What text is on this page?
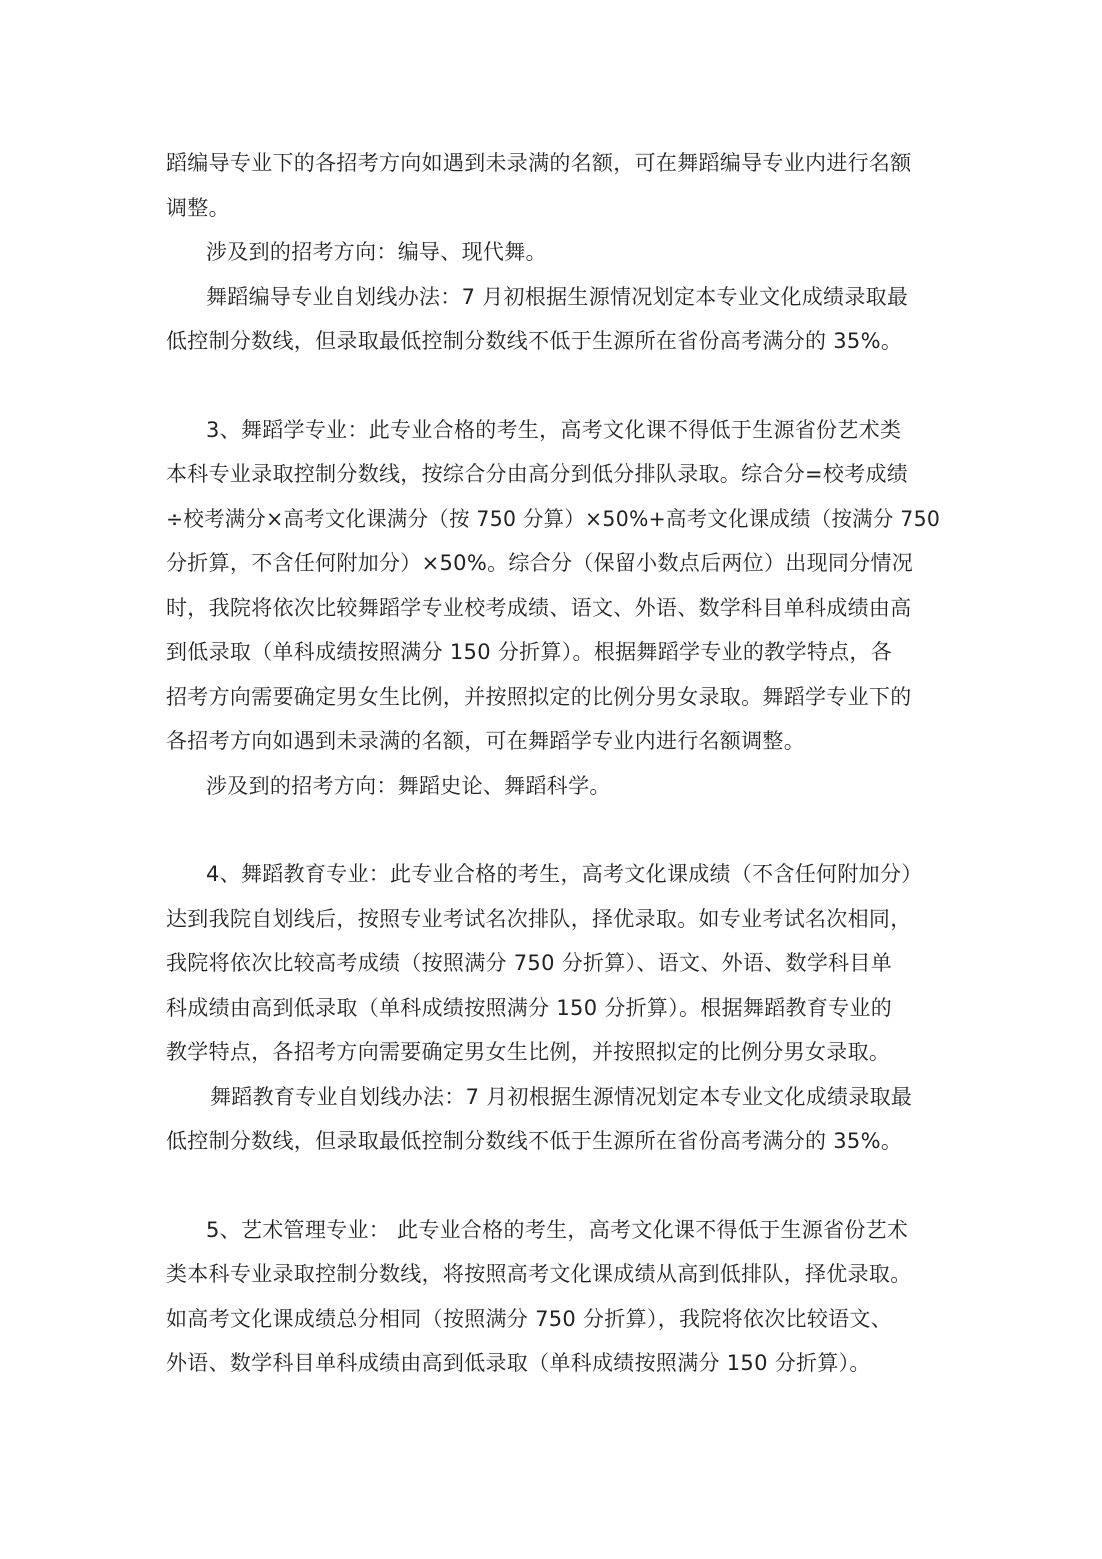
蹈编导专业下的各招考方向如遇到未录满的名额，可在舞蹈编导专业内进行名额
调整。
涉及到的招考方向：编导、现代舞。
舞蹈编导专业自划线办法：7 月初根据生源情况划定本专业文化成绩录取最
低控制分数线，但录取最低控制分数线不低于生源所在省份高考满分的 35%。
3、舞蹈学专业：此专业合格的考生，高考文化课不得低于生源省份艺术类
本科专业录取控制分数线，按综合分由高分到低分排队录取。综合分=校考成绩
÷校考满分×高考文化课满分（按 750 分算）×50%+高考文化课成绩（按满分 750
分折算，不含任何附加分）×50%。综合分（保留小数点后两位）出现同分情况
时，我院将依次比较舞蹈学专业校考成绩、语文、外语、数学科目单科成绩由高
到低录取（单科成绩按照满分 150 分折算）。根据舞蹈学专业的教学特点，各
招考方向需要确定男女生比例，并按照拟定的比例分男女录取。舞蹈学专业下的
各招考方向如遇到未录满的名额，可在舞蹈学专业内进行名额调整。
涉及到的招考方向：舞蹈史论、舞蹈科学。
4、舞蹈教育专业：此专业合格的考生，高考文化课成绩（不含任何附加分）
达到我院自划线后，按照专业考试名次排队，择优录取。如专业考试名次相同，
我院将依次比较高考成绩（按照满分 750 分折算）、语文、外语、数学科目单
科成绩由高到低录取（单科成绩按照满分 150 分折算）。根据舞蹈教育专业的
教学特点，各招考方向需要确定男女生比例，并按照拟定的比例分男女录取。
舞蹈教育专业自划线办法：7 月初根据生源情况划定本专业文化成绩录取最
低控制分数线，但录取最低控制分数线不低于生源所在省份高考满分的 35%。
5、艺术管理专业： 此专业合格的考生，高考文化课不得低于生源省份艺术
类本科专业录取控制分数线，将按照高考文化课成绩从高到低排队，择优录取。
如高考文化课成绩总分相同（按照满分 750 分折算），我院将依次比较语文、
外语、数学科目单科成绩由高到低录取（单科成绩按照满分 150 分折算）。
